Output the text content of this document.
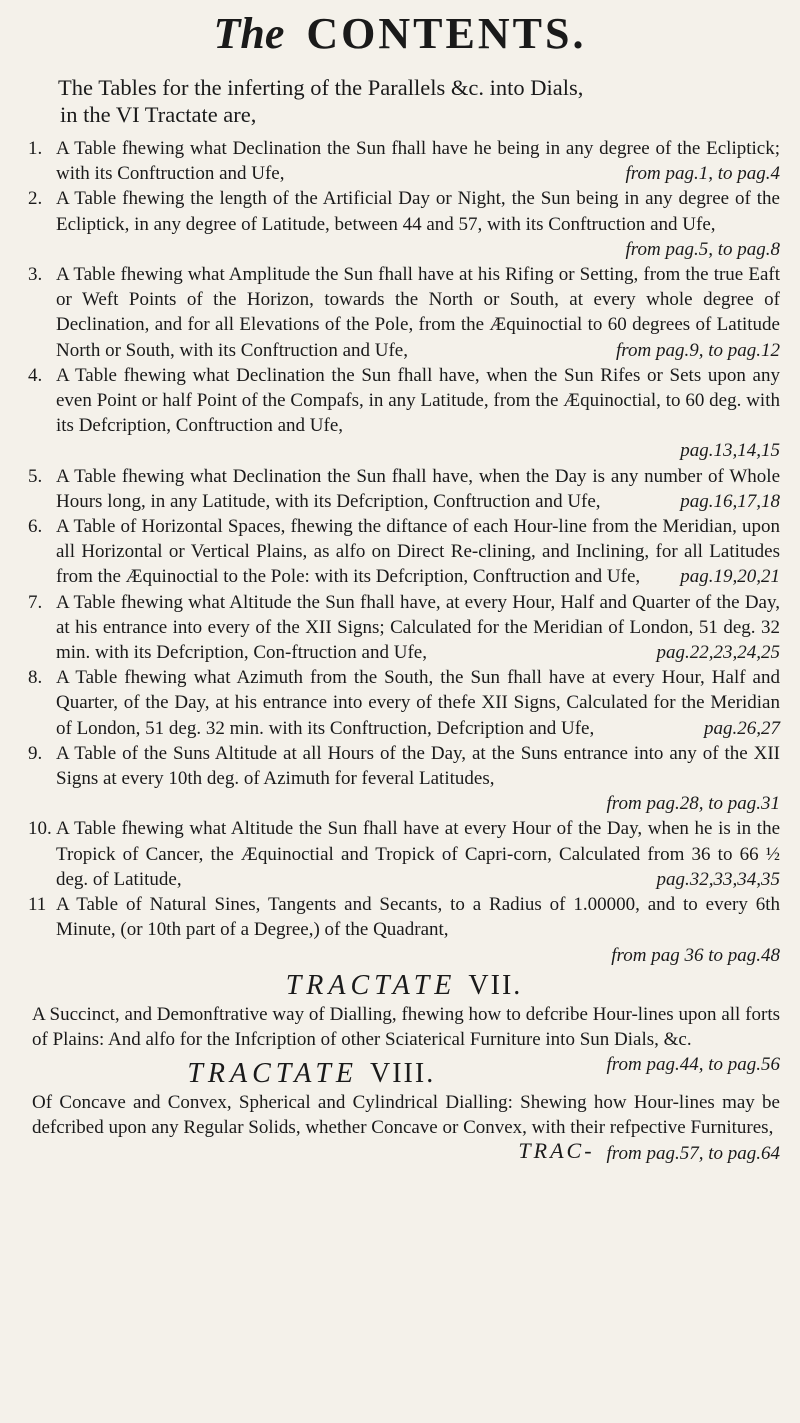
The CONTENTS.
The Tables for the inferting of the Parallels &c. into Dials,
in the VI Tractate are,
1. A Table fhewing what Declination the Sun fhall have he being in any degree of the Ecliptick; with its Conftruction and Ufe,	from pag.1, to pag.4
2. A Table fhewing the length of the Artificial Day or Night, the Sun being in any degree of the Ecliptick, in any degree of Latitude, between 44 and 57, with its Conftruction and Ufe,
from pag.5, to pag.8
3. A Table fhewing what Amplitude the Sun fhall have at his Rifing or Setting, from the true Eaft or Weft Points of the Horizon, towards the North or South, at every whole degree of Declination, and for all Elevations of the Pole, from the Æquinoctial to 60 degrees of Latitude North or South, with its Conftruction and Ufe,	from pag.9, to pag.12
4. A Table fhewing what Declination the Sun fhall have, when the Sun Rifes or Sets upon any even Point or half Point of the Compafs, in any Latitude, from the Æquinoctial, to 60 deg. with its Defcription, Conftruction and Ufe,
pag.13,14,15
5. A Table fhewing what Declination the Sun fhall have, when the Day is any number of Whole Hours long, in any Latitude, with its Defcription, Conftruction and Ufe,	pag.16,17,18
6. A Table of Horizontal Spaces, fhewing the diftance of each Hour-line from the Meridian, upon all Horizontal or Vertical Plains, as alfo on Direct Re-clining, and Inclining, for all Latitudes from the Æquinoctial to the Pole: with its Defcription, Conftruction and Ufe, pag.19,20,21
7. A Table fhewing what Altitude the Sun fhall have, at every Hour, Half and Quarter of the Day, at his entrance into every of the XII Signs; Calculated for the Meridian of London, 51 deg. 32 min. with its Defcription, Con-ftruction and Ufe,	pag.22,23,24,25
8. A Table fhewing what Azimuth from the South, the Sun fhall have at every Hour, Half and Quarter, of the Day, at his entrance into every of thefe XII Signs, Calculated for the Meridian of London, 51 deg. 32 min. with its Conftruction, Defcription and Ufe,	pag.26,27
9. A Table of the Suns Altitude at all Hours of the Day, at the Suns entrance into any of the XII Signs at every 10th deg. of Azimuth for feveral Latitudes,
from pag.28, to pag.31
10. A Table fhewing what Altitude the Sun fhall have at every Hour of the Day, when he is in the Tropick of Cancer, the Æquinoctial and Tropick of Capri-corn, Calculated from 36 to 66 ½ deg. of Latitude,	pag.32,33,34,35
11 A Table of Natural Sines, Tangents and Secants, to a Radius of 1.00000, and to every 6th Minute, (or 10th part of a Degree,) of the Quadrant,
from pag 36 to pag.48
TRACTATE VII.
A Succinct, and Demonftrative way of Dialling, fhewing how to defcribe Hour-lines upon all forts of Plains: And alfo for the Infcription of other Sciaterical Furniture into Sun Dials, &c.
from pag.44, to pag.56
TRACTATE VIII.
Of Concave and Convex, Spherical and Cylindrical Dialling: Shewing how Hour-lines may be defcribed upon any Regular Solids, whether Concave or Convex, with their refpective Furnitures,
from pag.57, to pag.64
TRAC-
